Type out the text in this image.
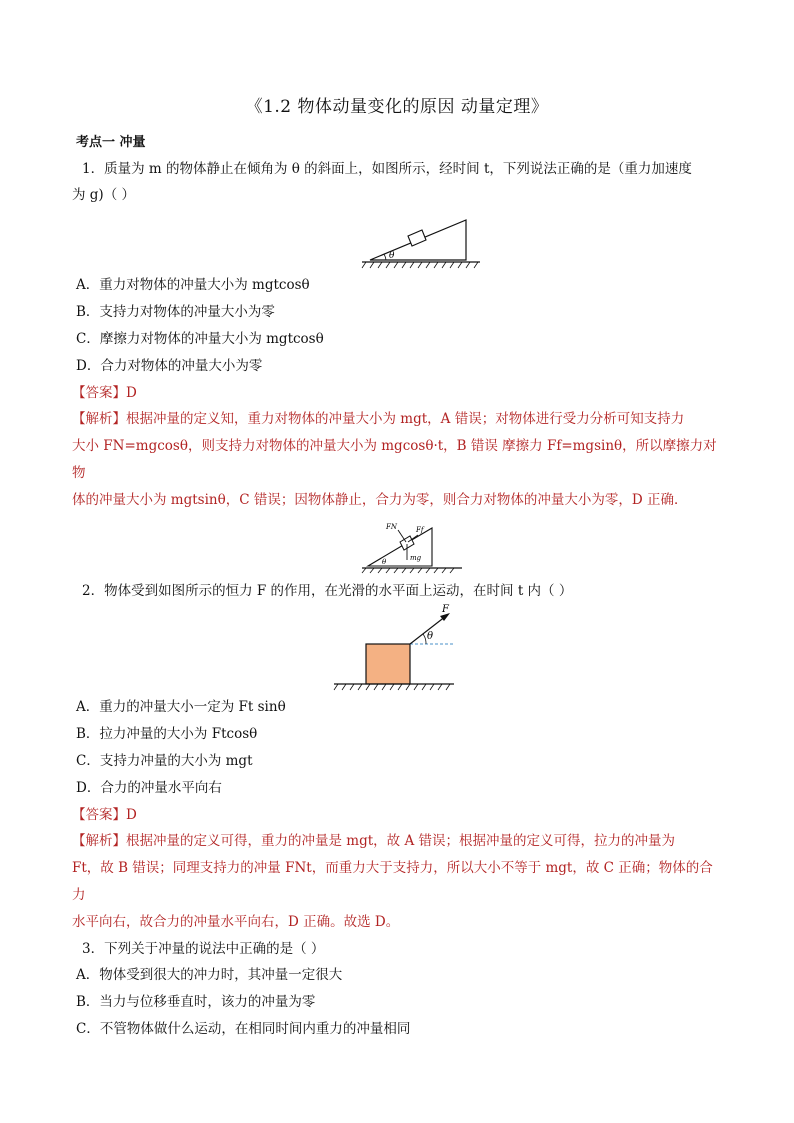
《1.2 物体动量变化的原因 动量定理》
考点一 冲量

1．质量为 m 的物体静止在倾角为 θ 的斜面上，如图所示，经时间 t，下列说法正确的是（重力加速度

为 g)（ ）

θ
A．重力对物体的冲量大小为 mgtcosθ
B．支持力对物体的冲量大小为零
C．摩擦力对物体的冲量大小为 mgtcosθ
D．合力对物体的冲量大小为零
【答案】D
【解析】根据冲量的定义知，重力对物体的冲量大小为 mgt，A 错误；对物体进行受力分析可知支持力
大小 FN=mgcosθ，则支持力对物体的冲量大小为 mgcosθ·t，B 错误 摩擦力 Ff=mgsinθ，所以摩擦力对物
体的冲量大小为 mgtsinθ，C 错误；因物体静止，合力为零，则合力对物体的冲量大小为零，D 正确．
FN	Ff
mg
θ

2．物体受到如图所示的恒力 F 的作用，在光滑的水平面上运动，在时间 t 内（ ）

θ
F
A．重力的冲量大小一定为 Ft sinθ
B．拉力冲量的大小为 Ftcosθ
C．支持力冲量的大小为 mgt
D．合力的冲量水平向右
【答案】D
【解析】根据冲量的定义可得，重力的冲量是 mgt，故 A 错误；根据冲量的定义可得，拉力的冲量为
Ft，故 B 错误；同理支持力的冲量 FNt，而重力大于支持力，所以大小不等于 mgt，故 C 正确；物体的合力
水平向右，故合力的冲量水平向右，D 正确。故选 D。

3．下列关于冲量的说法中正确的是（ ）

A．物体受到很大的冲力时，其冲量一定很大
B．当力与位移垂直时，该力的冲量为零
C．不管物体做什么运动，在相同时间内重力的冲量相同
